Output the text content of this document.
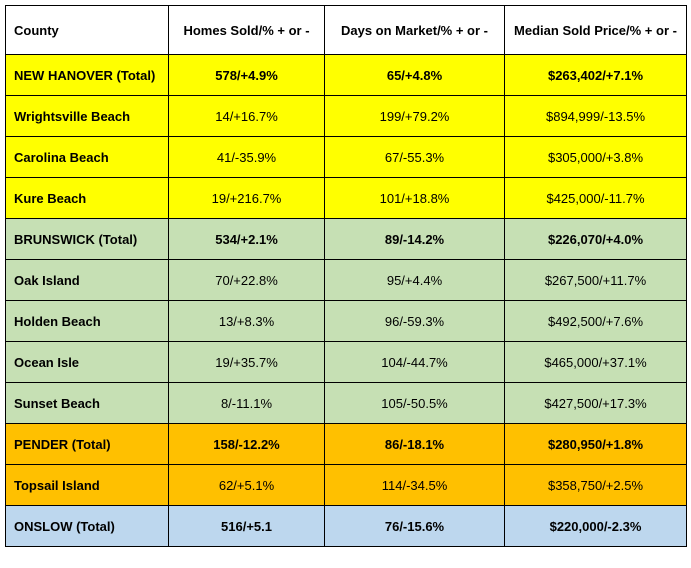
County	Homes Sold/% + or -	Days on Market/% + or -	Median Sold Price/% + or -
NEW HANOVER (Total)	578/+4.9%	65/+4.8%	$263,402/+7.1%
Wrightsville Beach	14/+16.7%	199/+79.2%	$894,999/-13.5%
Carolina Beach	41/-35.9%	67/-55.3%	$305,000/+3.8%
Kure Beach	19/+216.7%	101/+18.8%	$425,000/-11.7%
BRUNSWICK (Total)	534/+2.1%	89/-14.2%	$226,070/+4.0%
Oak Island	70/+22.8%	95/+4.4%	$267,500/+11.7%
Holden Beach	13/+8.3%	96/-59.3%	$492,500/+7.6%
Ocean Isle	19/+35.7%	104/-44.7%	$465,000/+37.1%
Sunset Beach	8/-11.1%	105/-50.5%	$427,500/+17.3%
PENDER (Total)	158/-12.2%	86/-18.1%	$280,950/+1.8%
Topsail Island	62/+5.1%	114/-34.5%	$358,750/+2.5%
ONSLOW (Total)	516/+5.1	76/-15.6%	$220,000/-2.3%
